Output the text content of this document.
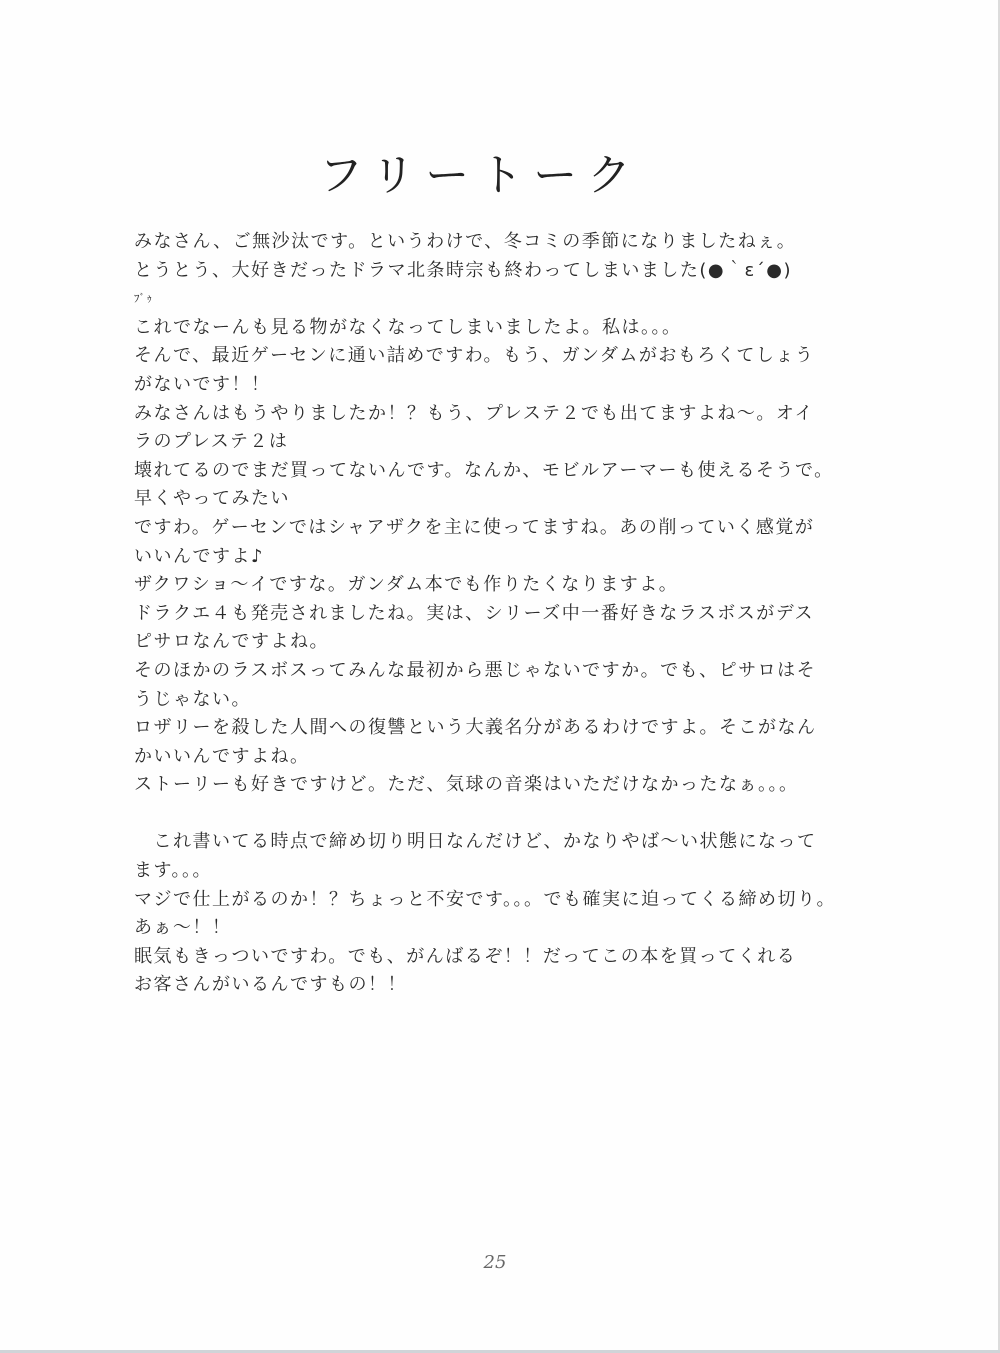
フリートーク
みなさん、ご無沙汰です。というわけで、冬コミの季節になりましたねぇ。
とうとう、大好きだったドラマ北条時宗も終わってしまいました(●｀ε´●)
ﾌﾞｩ
これでなーんも見る物がなくなってしまいましたよ。私は。。。
そんで、最近ゲーセンに通い詰めですわ。もう、ガンダムがおもろくてしょう
がないです！！
みなさんはもうやりましたか！？もう、プレステ２でも出てますよね～。オイ
ラのプレステ２は
壊れてるのでまだ買ってないんです。なんか、モビルアーマーも使えるそうで。
早くやってみたい
ですわ。ゲーセンではシャアザクを主に使ってますね。あの削っていく感覚が
いいんですよ♪
ザクワショ～イですな。ガンダム本でも作りたくなりますよ。
ドラクエ４も発売されましたね。実は、シリーズ中一番好きなラスボスがデス
ピサロなんですよね。
そのほかのラスボスってみんな最初から悪じゃないですか。でも、ピサロはそ
うじゃない。
ロザリーを殺した人間への復讐という大義名分があるわけですよ。そこがなん
かいいんですよね。
ストーリーも好きですけど。ただ、気球の音楽はいただけなかったなぁ。。。
　これ書いてる時点で締め切り明日なんだけど、かなりやば～い状態になって
ます。。。
マジで仕上がるのか！？ちょっと不安です。。。でも確実に迫ってくる締め切り。
あぁ～！！
眠気もきっついですわ。でも、がんばるぞ！！だってこの本を買ってくれる
お客さんがいるんですもの！！
25
